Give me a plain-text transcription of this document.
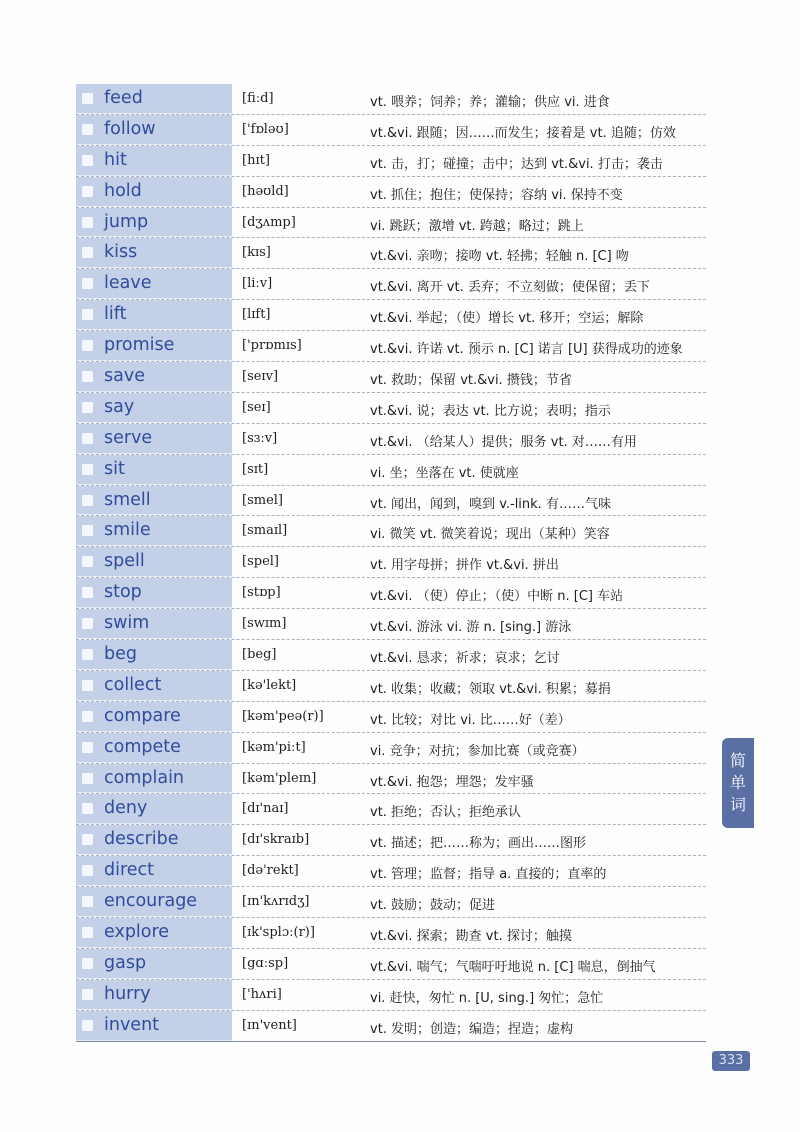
feed	[fiːd]	vt. 喂养；饲养；养；灌输；供应 vi. 进食
follow	['fɒləʊ]	vt.&vi. 跟随；因……而发生；接着是 vt. 追随；仿效
hit	[hɪt]	vt. 击，打；碰撞；击中；达到 vt.&vi. 打击；袭击
hold	[həʊld]	vt. 抓住；抱住；使保持；容纳 vi. 保持不变
jump	[dʒʌmp]	vi. 跳跃；激增 vt. 跨越；略过；跳上
kiss	[kɪs]	vt.&vi. 亲吻；接吻 vt. 轻拂；轻触 n. [C] 吻
leave	[liːv]	vt.&vi. 离开 vt. 丢弃；不立刻做；使保留；丢下
lift	[lɪft]	vt.&vi. 举起；（使）增长 vt. 移开；空运；解除
promise	['prɒmɪs]	vt.&vi. 许诺 vt. 预示 n. [C] 诺言 [U] 获得成功的迹象
save	[seɪv]	vt. 救助；保留 vt.&vi. 攒钱；节省
say	[seɪ]	vt.&vi. 说；表达 vt. 比方说；表明；指示
serve	[sɜːv]	vt.&vi. （给某人）提供；服务 vt. 对……有用
sit	[sɪt]	vi. 坐；坐落在 vt. 使就座
smell	[smel]	vt. 闻出，闻到，嗅到 v.-link. 有……气味
smile	[smaɪl]	vi. 微笑 vt. 微笑着说；现出（某种）笑容
spell	[spel]	vt. 用字母拼；拼作 vt.&vi. 拼出
stop	[stɒp]	vt.&vi. （使）停止；（使）中断 n. [C] 车站
swim	[swɪm]	vt.&vi. 游泳 vi. 游 n. [sing.] 游泳
beg	[beg]	vt.&vi. 恳求；祈求；哀求；乞讨
collect	[kə'lekt]	vt. 收集；收藏；领取 vt.&vi. 积累；募捐
compare	[kəm'peə(r)]	vt. 比较；对比 vi. 比……好（差）
compete	[kəm'piːt]	vi. 竞争；对抗；参加比赛（或竞赛）
complain	[kəm'pleɪn]	vt.&vi. 抱怨；埋怨；发牢骚
deny	[dɪ'naɪ]	vt. 拒绝；否认；拒绝承认
describe	[dɪ'skraɪb]	vt. 描述；把……称为；画出……图形
direct	[də'rekt]	vt. 管理；监督；指导 a. 直接的；直率的
encourage	[ɪn'kʌrɪdʒ]	vt. 鼓励；鼓动；促进
explore	[ɪk'splɔː(r)]	vt.&vi. 探索；勘查 vt. 探讨；触摸
gasp	[gɑːsp]	vt.&vi. 喘气；气喘吁吁地说 n. [C] 喘息，倒抽气
hurry	['hʌri]	vi. 赶快，匆忙 n. [U, sing.] 匆忙；急忙
invent	[ɪn'vent]	vt. 发明；创造；编造；捏造；虚构
简
单
词
333
